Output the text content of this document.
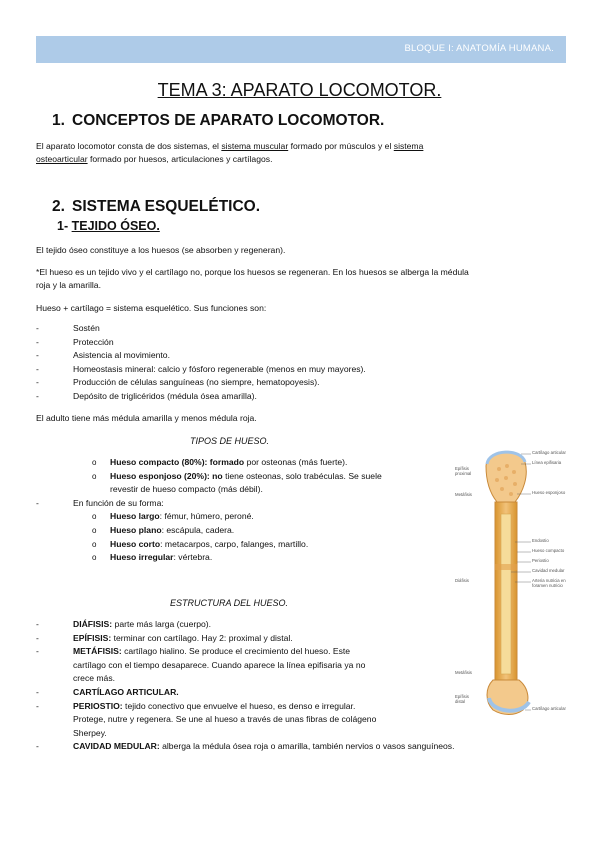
BLOQUE I: ANATOMÍA HUMANA.
TEMA 3: APARATO LOCOMOTOR.
1. CONCEPTOS DE APARATO LOCOMOTOR.
El aparato locomotor consta de dos sistemas, el sistema muscular formado por músculos y el sistema
osteoarticular formado por huesos, articulaciones y cartílagos.
2. SISTEMA ESQUELÉTICO.
1- TEJIDO ÓSEO.
El tejido óseo constituye a los huesos (se absorben y regeneran).
*El hueso es un tejido vivo y el cartílago no, porque los huesos se regeneran. En los huesos se alberga la médula
roja y la amarilla.
Hueso + cartílago = sistema esquelético. Sus funciones son:
-	Sostén
-	Protección
-	Asistencia al movimiento.
-	Homeostasis mineral: calcio y fósforo regenerable (menos en muy mayores).
-	Producción de células sanguíneas (no siempre, hematopoyesis).
-	Depósito de triglicéridos (médula ósea amarilla).
El adulto tiene más médula amarilla y menos médula roja.
TIPOS DE HUESO.
o Hueso compacto (80%): formado por osteonas (más fuerte).
o Hueso esponjoso (20%): no tiene osteonas, solo trabéculas. Se suele
revestir de hueso compacto (más débil).
-	En función de su forma:
o Hueso largo: fémur, húmero, peroné.
o Hueso plano: escápula, cadera.
o Hueso corto: metacarpos, carpo, falanges, martillo.
o Hueso irregular: vértebra.
ESTRUCTURA DEL HUESO.
-	DIÁFISIS: parte más larga (cuerpo).
-	EPÍFISIS: terminar con cartílago. Hay 2: proximal y distal.
-	METÁFISIS: cartílago hialino. Se produce el crecimiento del hueso. Este
cartílago con el tiempo desaparece. Cuando aparece la línea epifisaria ya no
crece más.
-	CARTÍLAGO ARTICULAR.
-	PERIOSTIO: tejido conectivo que envuelve el hueso, es denso e irregular.
Protege, nutre y regenera. Se une al hueso a través de unas fibras de colágeno
Sherpey.
-	CAVIDAD MEDULAR: alberga la médula ósea roja o amarilla, también nervios o vasos sanguíneos.
Cartílago articular
Línea epifisaria
Hueso esponjoso
Endostio
Hueso compacto
Periostio
Cavidad medular
Arteria nutricia en
foramen nutricio
Cartílago articular
Epífisis
proximal
Metáfisis
Diáfisis
Metáfisis
Epífisis
distal
